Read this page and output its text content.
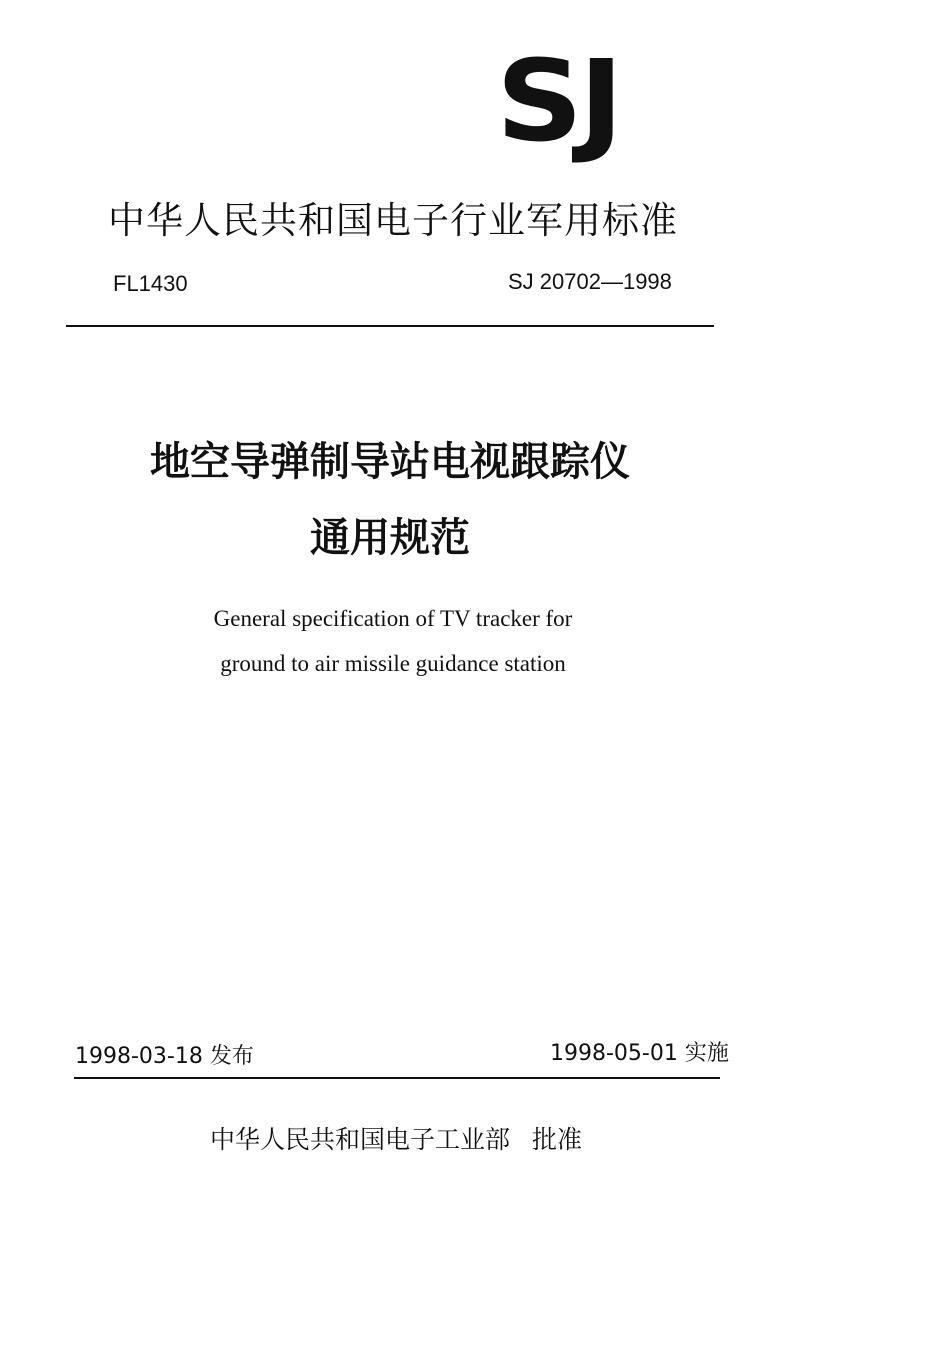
SJ
中华人民共和国电子行业军用标准
FL1430	SJ 20702—1998
地空导弹制导站电视跟踪仪
通用规范
General specification of TV tracker for
ground to air missile guidance station
1998-03-18 发布	1998-05-01 实施
中华人民共和国电子工业部 批准
